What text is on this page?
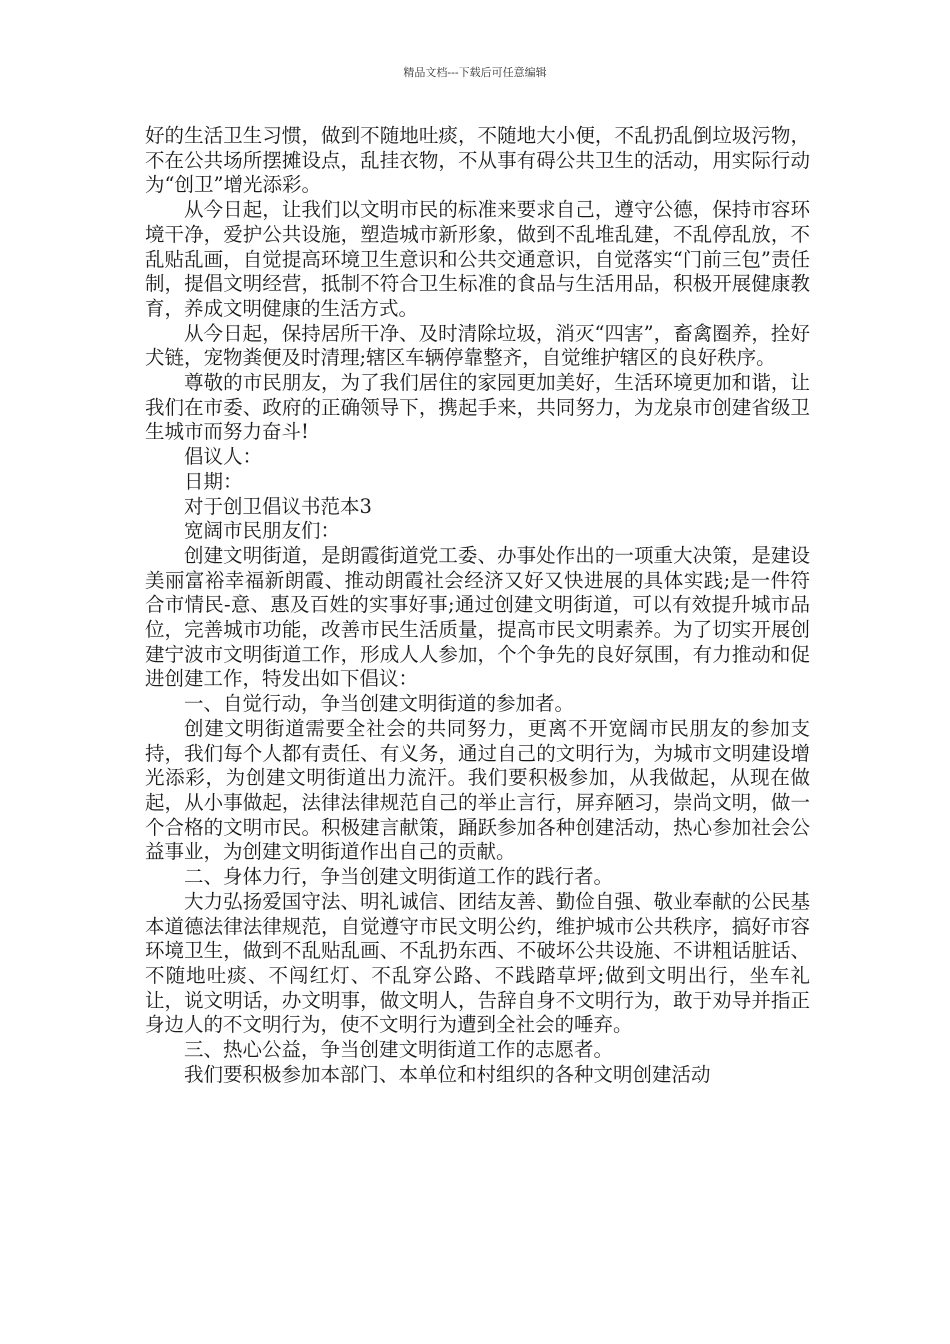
精品文档---下载后可任意编辑

好的生活卫生习惯，做到不随地吐痰，不随地大小便，不乱扔乱倒垃圾污物，不在公共场所摆摊设点，乱挂衣物，不从事有碍公共卫生的活动，用实际行动为“创卫”增光添彩。

从今日起，让我们以文明市民的标准来要求自己，遵守公德，保持市容环境干净，爱护公共设施，塑造城市新形象，做到不乱堆乱建，不乱停乱放，不乱贴乱画，自觉提高环境卫生意识和公共交通意识，自觉落实“门前三包”责任制，提倡文明经营，抵制不符合卫生标准的食品与生活用品，积极开展健康教育，养成文明健康的生活方式。

从今日起，保持居所干净、及时清除垃圾，消灭“四害”，畜禽圈养，拴好犬链，宠物粪便及时清理;辖区车辆停靠整齐，自觉维护辖区的良好秩序。

尊敬的市民朋友，为了我们居住的家园更加美好，生活环境更加和谐，让我们在市委、政府的正确领导下，携起手来，共同努力，为龙泉市创建省级卫生城市而努力奋斗!

倡议人：

日期：

对于创卫倡议书范本3

宽阔市民朋友们：

创建文明街道，是朗霞街道党工委、办事处作出的一项重大决策，是建设美丽富裕幸福新朗霞、推动朗霞社会经济又好又快进展的具体实践;是一件符合市情民-意、惠及百姓的实事好事;通过创建文明街道，可以有效提升城市品位，完善城市功能，改善市民生活质量，提高市民文明素养。为了切实开展创建宁波市文明街道工作，形成人人参加，个个争先的良好氛围，有力推动和促进创建工作，特发出如下倡议：

一、自觉行动，争当创建文明街道的参加者。

创建文明街道需要全社会的共同努力，更离不开宽阔市民朋友的参加支持，我们每个人都有责任、有义务，通过自己的文明行为，为城市文明建设增光添彩，为创建文明街道出力流汗。我们要积极参加，从我做起，从现在做起，从小事做起，法律法律规范自己的举止言行，屏弃陋习，崇尚文明，做一个合格的文明市民。积极建言献策，踊跃参加各种创建活动，热心参加社会公益事业，为创建文明街道作出自己的贡献。

二、身体力行，争当创建文明街道工作的践行者。

大力弘扬爱国守法、明礼诚信、团结友善、勤俭自强、敬业奉献的公民基本道德法律法律规范，自觉遵守市民文明公约，维护城市公共秩序，搞好市容环境卫生，做到不乱贴乱画、不乱扔东西、不破坏公共设施、不讲粗话脏话、不随地吐痰、不闯红灯、不乱穿公路、不践踏草坪;做到文明出行，坐车礼让，说文明话，办文明事，做文明人，告辞自身不文明行为，敢于劝导并指正身边人的不文明行为，使不文明行为遭到全社会的唾弃。

三、热心公益，争当创建文明街道工作的志愿者。

我们要积极参加本部门、本单位和村组织的各种文明创建活动
